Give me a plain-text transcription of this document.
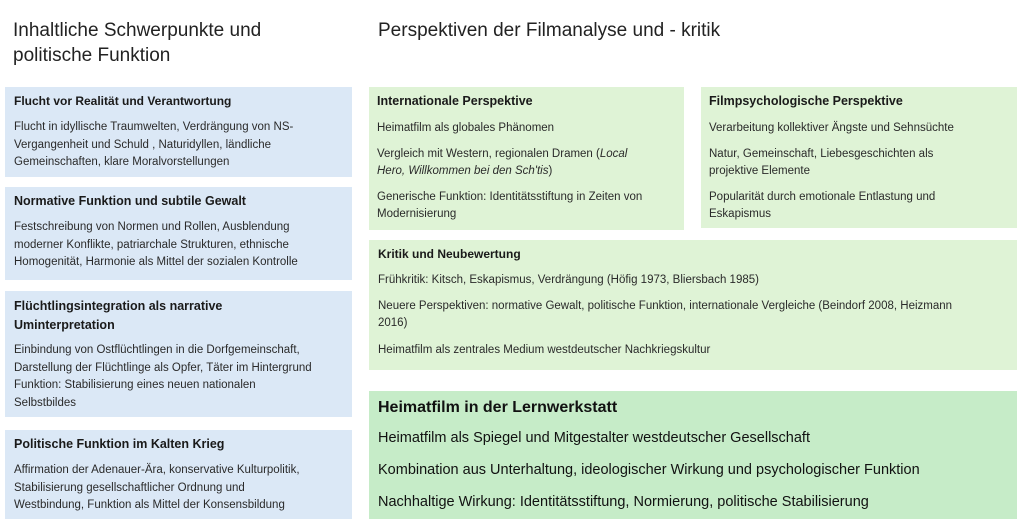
Inhaltliche Schwerpunkte und
politische Funktion
Perspektiven der Filmanalyse und - kritik

Flucht vor Realität und Verantwortung

Flucht in idyllische Traumwelten, Verdrängung von NS-
Vergangenheit und Schuld , Naturidyllen, ländliche
Gemeinschaften, klare Moralvorstellungen

Normative Funktion und subtile Gewalt

Festschreibung von Normen und Rollen, Ausblendung
moderner Konflikte, patriarchale Strukturen, ethnische
Homogenität, Harmonie als Mittel der sozialen Kontrolle

Flüchtlingsintegration als narrative
Uminterpretation

Einbindung von Ostflüchtlingen in die Dorfgemeinschaft,
Darstellung der Flüchtlinge als Opfer, Täter im Hintergrund
Funktion: Stabilisierung eines neuen nationalen
Selbstbildes

Politische Funktion im Kalten Krieg

Affirmation der Adenauer-Ära, konservative Kulturpolitik,
Stabilisierung gesellschaftlicher Ordnung und
Westbindung, Funktion als Mittel der Konsensbildung

Internationale Perspektive

Heimatfilm als globales Phänomen

Vergleich mit Western, regionalen Dramen (Local
Hero, Willkommen bei den Sch'tis)

Generische Funktion: Identitätsstiftung in Zeiten von
Modernisierung

Filmpsychologische Perspektive

Verarbeitung kollektiver Ängste und Sehnsüchte

Natur, Gemeinschaft, Liebesgeschichten als
projektive Elemente

Popularität durch emotionale Entlastung und
Eskapismus

Kritik und Neubewertung

Frühkritik: Kitsch, Eskapismus, Verdrängung (Höfig 1973, Bliersbach 1985)

Neuere Perspektiven: normative Gewalt, politische Funktion, internationale Vergleiche (Beindorf 2008, Heizmann
2016)

Heimatfilm als zentrales Medium westdeutscher Nachkriegskultur

Heimatfilm in der Lernwerkstatt

Heimatfilm als Spiegel und Mitgestalter westdeutscher Gesellschaft

Kombination aus Unterhaltung, ideologischer Wirkung und psychologischer Funktion

Nachhaltige Wirkung: Identitätsstiftung, Normierung, politische Stabilisierung
